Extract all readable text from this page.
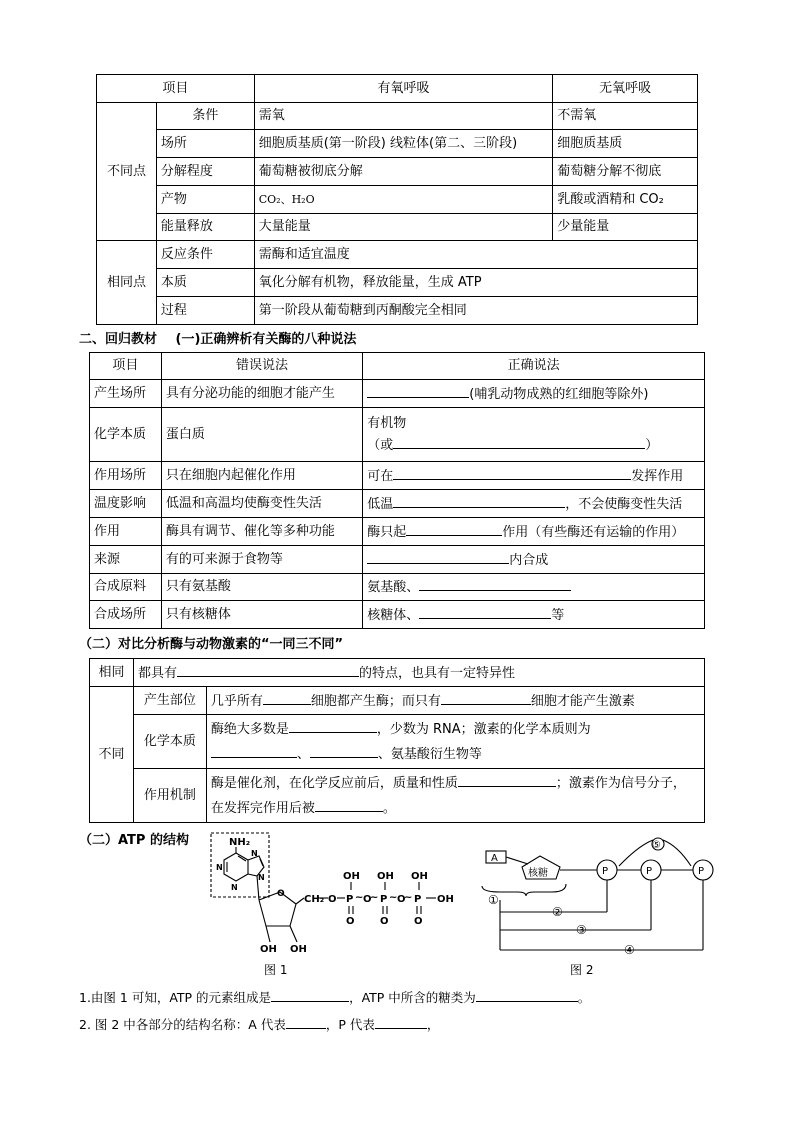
项目		有氧呼吸	无氧呼吸
不同点	条件	需氧	不需氧
	场所	细胞质基质(第一阶段) 线粒体(第二、三阶段)	细胞质基质
	分解程度	葡萄糖被彻底分解	葡萄糖分解不彻底
	产物	CO₂、H₂O	乳酸或酒精和 CO₂
	能量释放	大量能量	少量能量
相同点	反应条件	需酶和适宜温度	
	本质	氧化分解有机物，释放能量，生成 ATP	
	过程	第一阶段从葡萄糖到丙酮酸完全相同	
二、回归教材 (一)正确辨析有关酶的八种说法
项目	错误说法	正确说法
产生场所	具有分泌功能的细胞才能产生	(哺乳动物成熟的红细胞等除外)
化学本质	蛋白质	有机物
（或 ）

作用场所	只在细胞内起催化作用	可在 发挥作用
温度影响	低温和高温均使酶变性失活	低温 ，不会使酶变性失活
作用	酶具有调节、催化等多种功能	酶只起 作用（有些酶还有运输的作用）
来源	有的可来源于食物等	内合成
合成原料	只有氨基酸	氨基酸、
合成场所	只有核糖体	核糖体、 等
（二）对比分析酶与动物激素的“一同三不同”
相同	都具有 的特点，也具有一定特异性	
不同	产生部位	几乎所有 细胞都产生酶；而只有 细胞才能产生激素
	化学本质	酶绝大多数是 ，少数为 RNA；激素的化学本质则为
、 、氨基酸衍生物等

	作用机制	酶是催化剂，在化学反应前后，质量和性质 ；激素作为信号分子，
在发挥完作用后被 。
（二）ATP 的结构	NH₂
N
N
N
N
O CH₂ O P ~ O
~ P ~ O
~ P OH
OH OH OH
O	O	O
OH OH
图 1
A
核糖	P	P	P
⑤
①
②
③
④
图 2
1.由图 1 可知，ATP 的元素组成是	，ATP 中所含的糖类为	。
2. 图 2 中各部分的结构名称：A 代表	，P 代表	，
